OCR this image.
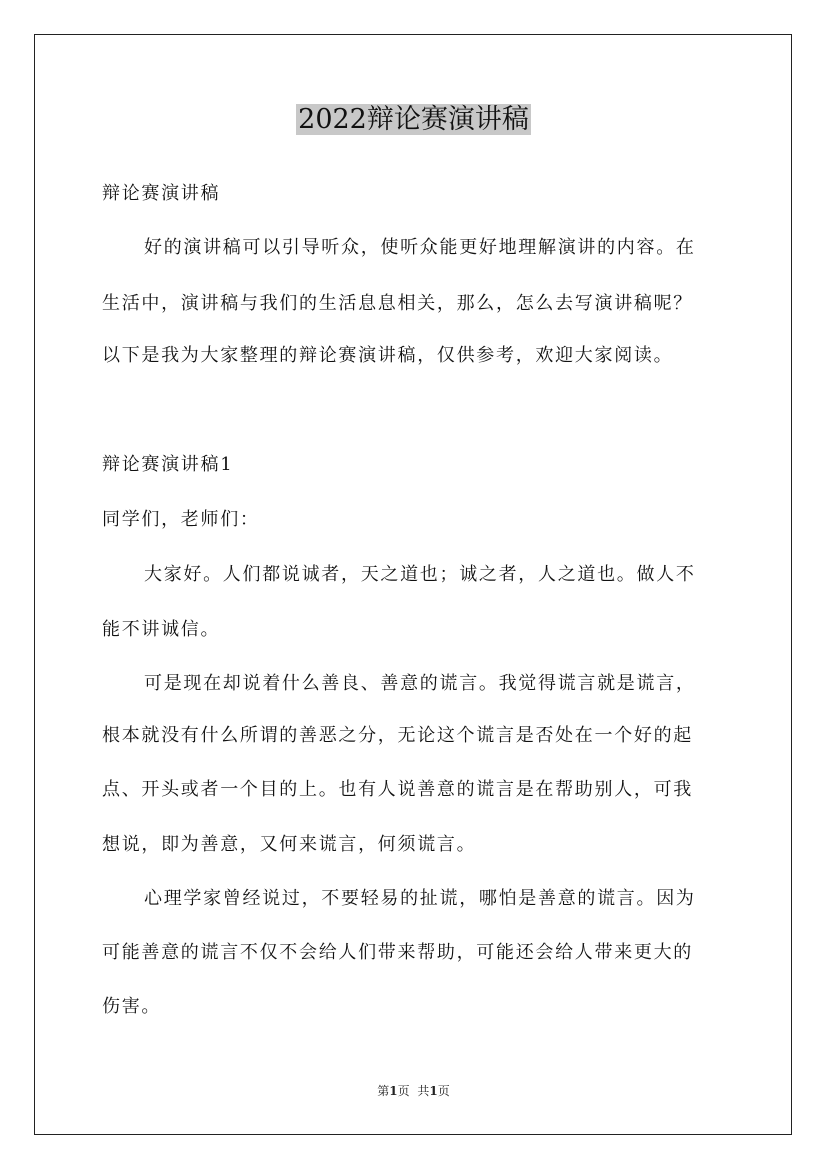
2022辩论赛演讲稿
辩论赛演讲稿
好的演讲稿可以引导听众，使听众能更好地理解演讲的内容。在
生活中，演讲稿与我们的生活息息相关，那么，怎么去写演讲稿呢？
以下是我为大家整理的辩论赛演讲稿，仅供参考，欢迎大家阅读。
辩论赛演讲稿1
同学们，老师们：
大家好。人们都说诚者，天之道也；诚之者，人之道也。做人不
能不讲诚信。
可是现在却说着什么善良、善意的谎言。我觉得谎言就是谎言，
根本就没有什么所谓的善恶之分，无论这个谎言是否处在一个好的起
点、开头或者一个目的上。也有人说善意的谎言是在帮助别人，可我
想说，即为善意，又何来谎言，何须谎言。
心理学家曾经说过，不要轻易的扯谎，哪怕是善意的谎言。因为
可能善意的谎言不仅不会给人们带来帮助，可能还会给人带来更大的
伤害。
第1页 共1页
